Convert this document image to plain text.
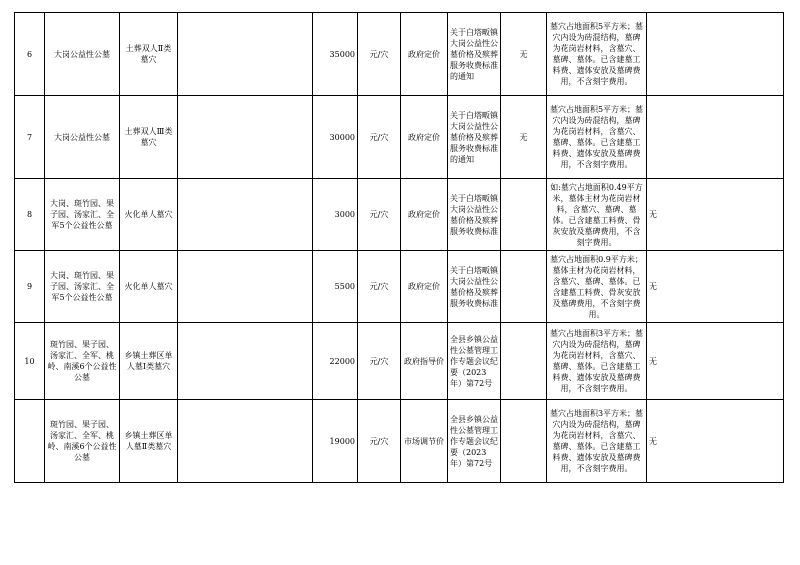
6	大岗公益性公墓	土葬双人Ⅱ类墓穴		35000	元/穴	政府定价	关于白塔畈镇大岗公益性公墓价格及殡葬服务收费标准的通知	无	墓穴占地面积5平方米；墓穴内设为砖混结构，墓碑为花岗岩材料，含墓穴、墓碑、墓体。已含建墓工料费、遗体安放及墓碑费用，不含刻字费用。	
7	大岗公益性公墓	土葬双人Ⅲ类墓穴		30000	元/穴	政府定价	关于白塔畈镇大岗公益性公墓价格及殡葬服务收费标准的通知	无	墓穴占地面积5平方米；墓穴内设为砖混结构，墓碑为花岗岩材料，含墓穴、墓碑、墓体。已含建墓工料费、遗体安放及墓碑费用，不含刻字费用。	
8	大岗、斑竹园、果子园、汤家汇、全军5个公益性公墓	火化单人墓穴		3000	元/穴	政府定价	关于白塔畈镇大岗公益性公墓价格及殡葬服务收费标准		如:墓穴占地面积0.49平方米，墓体主材为花岗岩材料，含墓穴、墓碑、墓体。已含建墓工料费、骨灰安放及墓碑费用，不含刻字费用。	无
9	大岗、斑竹园、果子园、汤家汇、全军5个公益性公墓	火化单人墓穴		5500	元/穴	政府定价	关于白塔畈镇大岗公益性公墓价格及殡葬服务收费标准		墓穴占地面积0.9平方米；墓体主材为花岗岩材料，含墓穴、墓碑、墓体。已含建墓工料费、骨灰安放及墓碑费用，不含刻字费用。	无
10	斑竹园、果子园、汤家汇、全军、桃岭、南溪6个公益性公墓	乡镇土葬区单人墓Ⅰ类墓穴		22000	元/穴	政府指导价	全县乡镇公益性公墓管理工作专题会议纪要（2023年）第72号		墓穴占地面积3平方米；墓穴内设为砖混结构，墓碑为花岗岩材料，含墓穴、墓碑、墓体。已含建墓工料费、遗体安放及墓碑费用，不含刻字费用。	无
	斑竹园、果子园、汤家汇、全军、桃岭、南溪6个公益性公墓	乡镇土葬区单人墓Ⅱ类墓穴		19000	元/穴	市场调节价	全县乡镇公益性公墓管理工作专题会议纪要（2023年）第72号		墓穴占地面积3平方米；墓穴内设为砖混结构，墓碑为花岗岩材料，含墓穴、墓碑、墓体。已含建墓工料费、遗体安放及墓碑费用，不含刻字费用。	无
